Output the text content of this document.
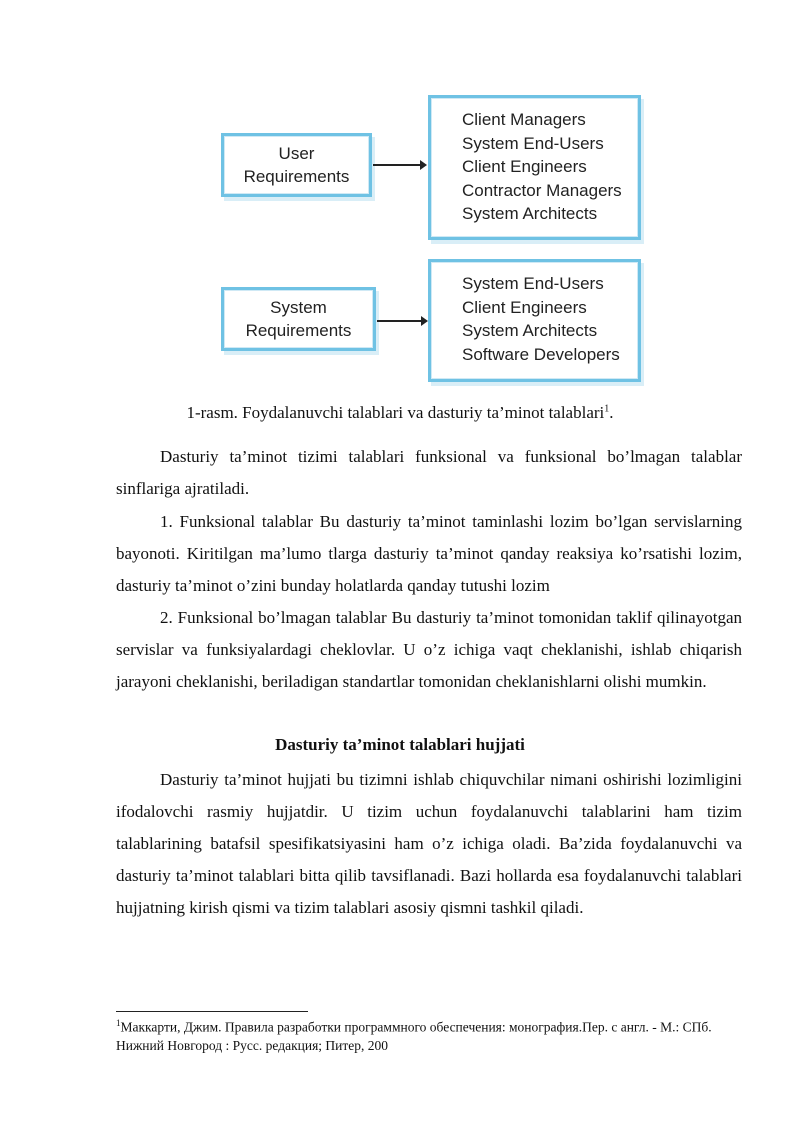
User
Requirements
Client Managers
System End-Users
Client Engineers
Contractor Managers
System Architects
System
Requirements
System End-Users
Client Engineers
System Architects
Software Developers
1-rasm. Foydalanuvchi talablari va dasturiy ta’minot talablari$^1$.

Dasturiy ta’minot tizimi talablari funksional va funksional bo’lmagan talablar sinflariga ajratiladi.

1. Funksional talablar Bu dasturiy ta’minot taminlashi lozim bo’lgan servislarning bayonoti. Kiritilgan ma’lumo tlarga dasturiy ta’minot qanday reaksiya ko’rsatishi lozim, dasturiy ta’minot o’zini bunday holatlarda qanday tutushi lozim

2. Funksional bo’lmagan talablar Bu dasturiy ta’minot tomonidan taklif qilinayotgan servislar va funksiyalardagi cheklovlar. U o’z ichiga vaqt cheklanishi, ishlab chiqarish jarayoni cheklanishi, beriladigan standartlar tomonidan cheklanishlarni olishi mumkin.

Dasturiy ta’minot talablari hujjati

Dasturiy ta’minot hujjati bu tizimni ishlab chiquvchilar nimani oshirishi lozimligini ifodalovchi rasmiy hujjatdir. U tizim uchun foydalanuvchi talablarini ham tizim talablarining batafsil spesifikatsiyasini ham o’z ichiga oladi. Ba’zida foydalanuvchi va dasturiy ta’minot talablari bitta qilib tavsiflanadi. Bazi hollarda esa foydalanuvchi talablari hujjatning kirish qismi va tizim talablari asosiy qismni tashkil qiladi.

$^1$Маккарти, Джим. Правила разработки программного обеспечения: монография.Пер. с англ. - М.: СПб. Нижний Новгород : Русс. редакция; Питер, 200
